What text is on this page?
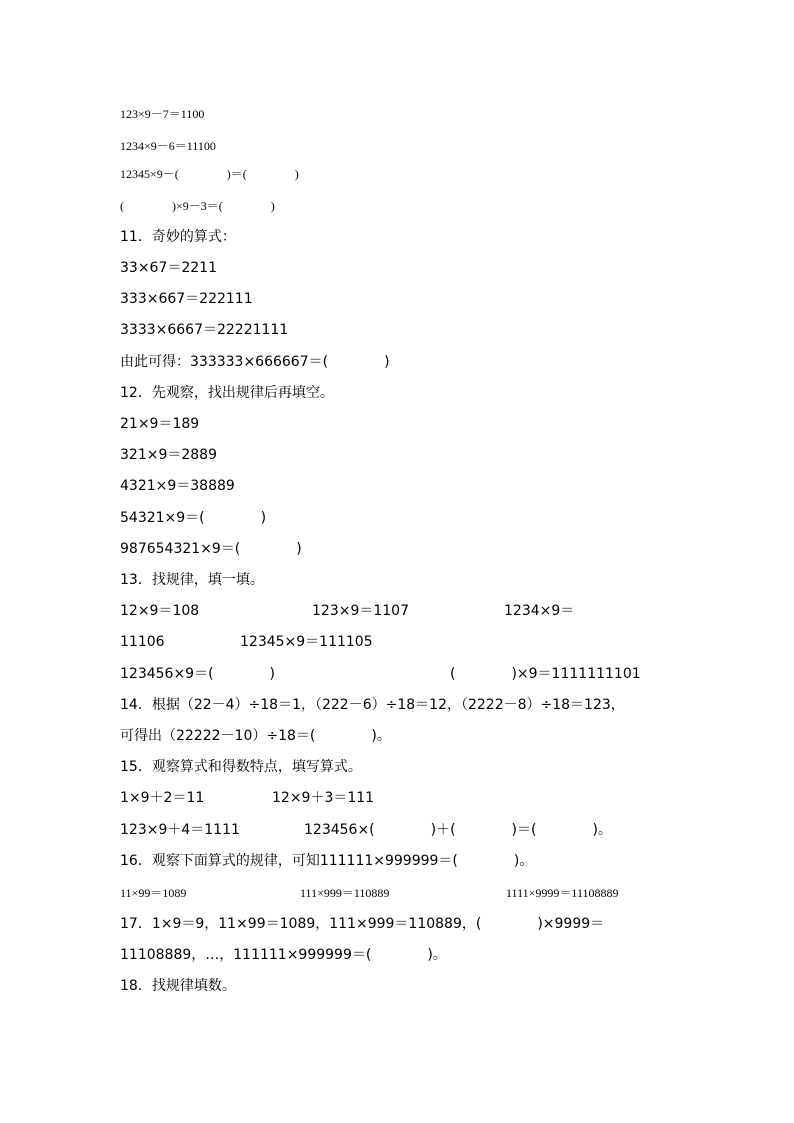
123×9－7＝1100
1234×9－6＝11100
12345×9－(　　　　)＝(　　　　)
(　　　　)×9－3＝(　　　　)
11．奇妙的算式：
33×67＝2211
333×667＝222111
3333×6667＝22221111
由此可得：333333×666667＝(　　　　)
12．先观察，找出规律后再填空。
21×9＝189
321×9＝2889
4321×9＝38889
54321×9＝(　　　　)
987654321×9＝(　　　　)
13．找规律，填一填。

12×9＝108

	123×9＝1107

	1234×9＝

11106

	12345×9＝111105

123456×9＝(　　　　)

	(　　　　)×9＝1111111101

14．根据（22－4）÷18＝1，（222－6）÷18＝12，（2222－8）÷18＝123，
可得出（22222－10）÷18＝(　　　　)。
15．观察算式和得数特点，填写算式。

1×9＋2＝11

	12×9＋3＝111

123×9＋4＝1111

	123456×(　　　　)＋(　　　　)＝(　　　　)。

16．观察下面算式的规律，可知111111×999999＝(　　　　)。

11×99＝1089

	111×999＝110889

	1111×9999＝11108889

17．1×9＝9，11×99＝1089，111×999＝110889，(　　　　)×9999＝
11108889，…，111111×999999＝(　　　　)。
18．找规律填数。
